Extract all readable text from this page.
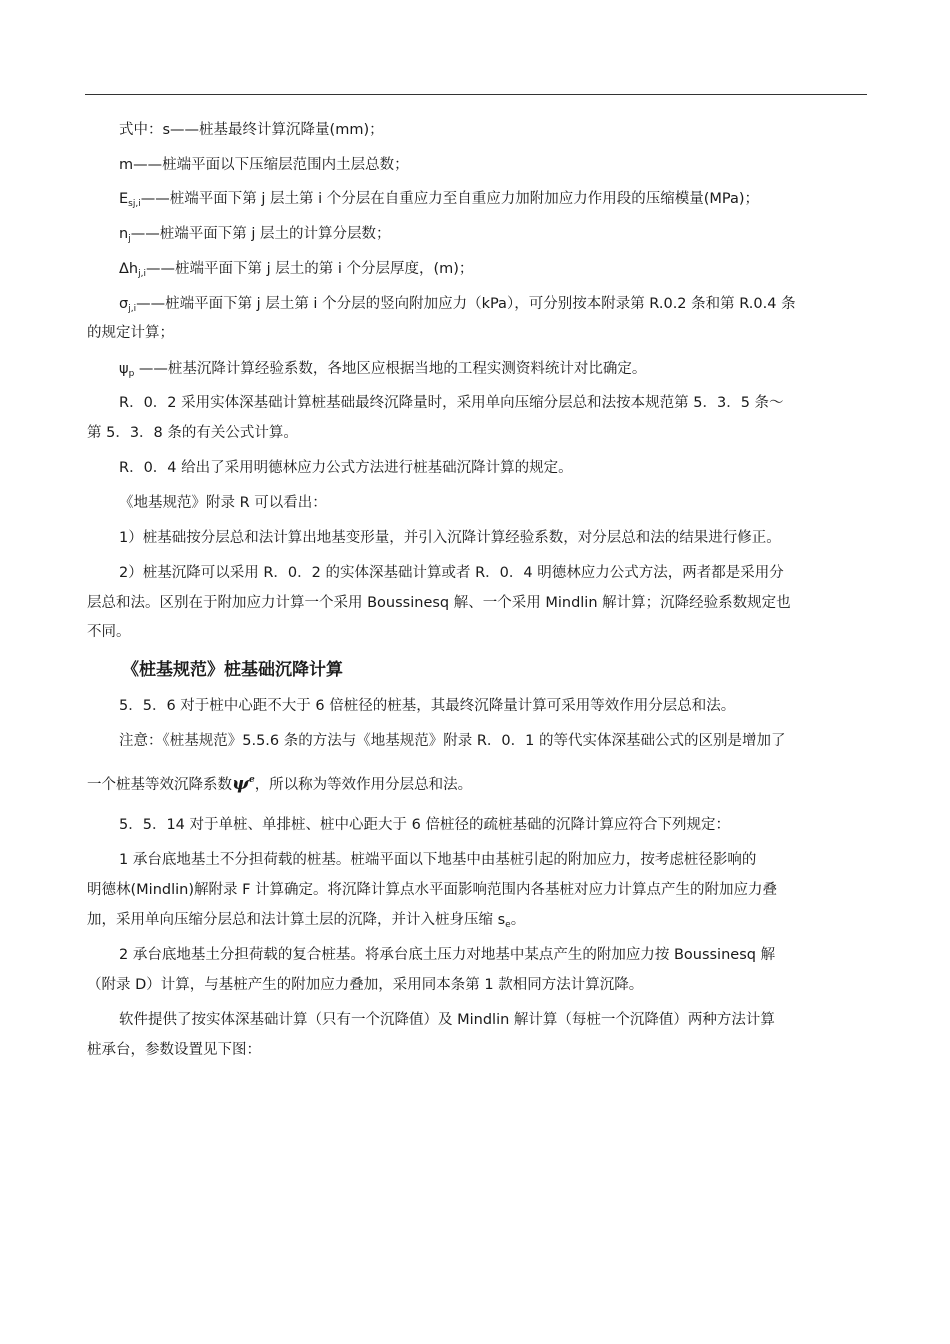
式中：s——桩基最终计算沉降量(mm)；
m——桩端平面以下压缩层范围内土层总数；
$E_{sj,i}——$桩端平面下第 j 层土第 i 个分层在自重应力至自重应力加附加应力作用段的压缩模量(MPa)；
$n_j——$桩端平面下第 j 层土的计算分层数；
$\Delta h_{j,i}——$桩端平面下第 j 层土的第 i 个分层厚度，(m)；
$\sigma_{j,i}——$桩端平面下第 j 层土第 i 个分层的竖向附加应力（kPa），可分别按本附录第 R.0.2 条和第 R.0.4 条
的规定计算；
$\psi_p$ ——桩基沉降计算经验系数，各地区应根据当地的工程实测资料统计对比确定。
R．0．2 采用实体深基础计算桩基础最终沉降量时，采用单向压缩分层总和法按本规范第 5．3．5 条～
第 5．3．8 条的有关公式计算。
R．0．4 给出了采用明德林应力公式方法进行桩基础沉降计算的规定。
《地基规范》附录 R 可以看出：
1）桩基础按分层总和法计算出地基变形量，并引入沉降计算经验系数，对分层总和法的结果进行修正。
2）桩基沉降可以采用 R．0．2 的实体深基础计算或者 R．0．4 明德林应力公式方法，两者都是采用分
层总和法。区别在于附加应力计算一个采用 Boussinesq 解、一个采用 Mindlin 解计算；沉降经验系数规定也
不同。
《桩基规范》桩基础沉降计算
5．5．6 对于桩中心距不大于 6 倍桩径的桩基，其最终沉降量计算可采用等效作用分层总和法。
注意：《桩基规范》5.5.6 条的方法与《地基规范》附录 R．0．1 的等代实体深基础公式的区别是增加了
一个桩基等效沉降系数$\psi^e$，所以称为等效作用分层总和法。
5．5．14 对于单桩、单排桩、桩中心距大于 6 倍桩径的疏桩基础的沉降计算应符合下列规定：
1 承台底地基土不分担荷载的桩基。桩端平面以下地基中由基桩引起的附加应力，按考虑桩径影响的
明德林(Mindlin)解附录 F 计算确定。将沉降计算点水平面影响范围内各基桩对应力计算点产生的附加应力叠
加，采用单向压缩分层总和法计算土层的沉降，并计入桩身压缩 $s_e$。
2 承台底地基土分担荷载的复合桩基。将承台底土压力对地基中某点产生的附加应力按 Boussinesq 解
（附录 D）计算，与基桩产生的附加应力叠加，采用同本条第 1 款相同方法计算沉降。
软件提供了按实体深基础计算（只有一个沉降值）及 Mindlin 解计算（每桩一个沉降值）两种方法计算
桩承台，参数设置见下图：
